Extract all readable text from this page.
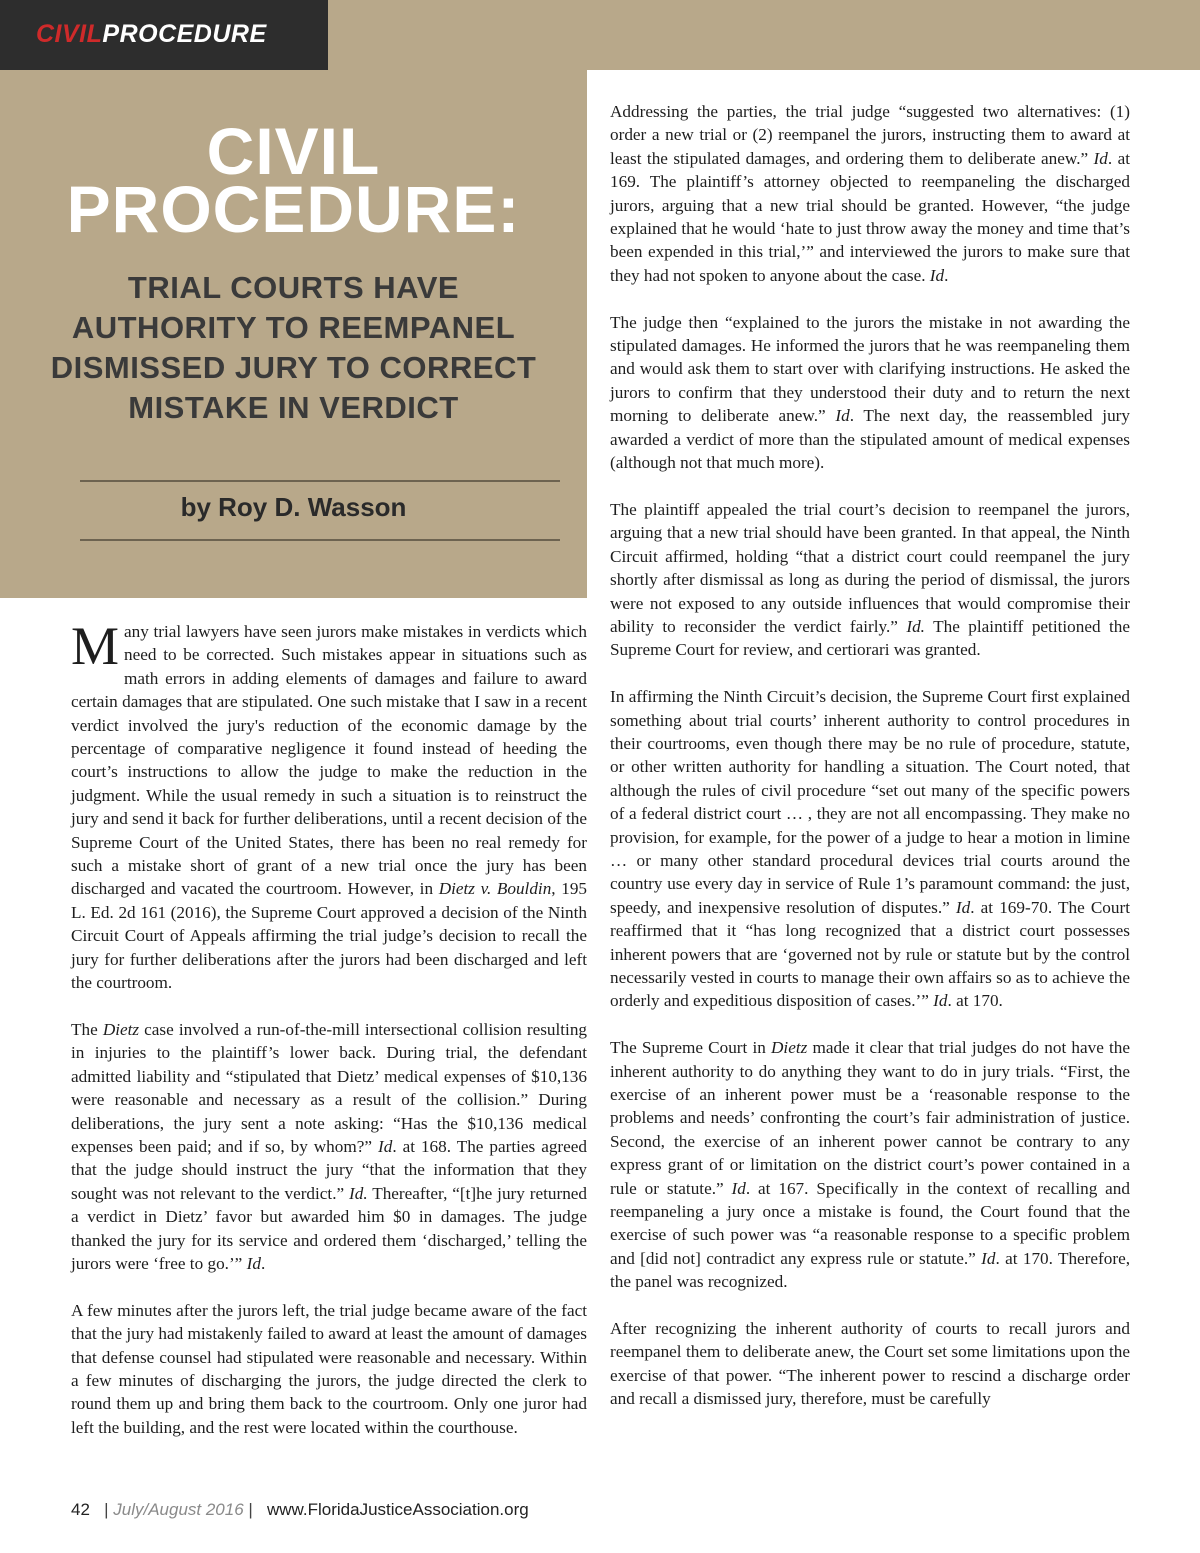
CIVILPROCEDURE
CIVIL
PROCEDURE:
TRIAL COURTS HAVE
AUTHORITY TO REEMPANEL
DISMISSED JURY TO CORRECT
MISTAKE IN VERDICT
by Roy D. Wasson

Many trial lawyers have seen jurors make mistakes in verdicts which need to be corrected. Such mistakes appear in situations such as math errors in adding elements of damages and failure to award certain damages that are stipulated. One such mistake that I saw in a recent verdict involved the jury's reduction of the economic damage by the percentage of comparative negligence it found instead of heeding the court’s instructions to allow the judge to make the reduction in the judgment. While the usual remedy in such a situation is to reinstruct the jury and send it back for further deliberations, until a recent decision of the Supreme Court of the United States, there has been no real remedy for such a mistake short of grant of a new trial once the jury has been discharged and vacated the courtroom. However, in Dietz v. Bouldin, 195 L. Ed. 2d 161 (2016), the Supreme Court approved a decision of the Ninth Circuit Court of Appeals affirming the trial judge’s decision to recall the jury for further deliberations after the jurors had been discharged and left the courtroom.

The Dietz case involved a run-of-the-mill intersectional collision resulting in injuries to the plaintiff’s lower back. During trial, the defendant admitted liability and “stipulated that Dietz’ medical expenses of $10,136 were reasonable and necessary as a result of the collision.” During deliberations, the jury sent a note asking: “Has the $10,136 medical expenses been paid; and if so, by whom?” Id. at 168. The parties agreed that the judge should instruct the jury “that the information that they sought was not relevant to the verdict.” Id. Thereafter, “[t]he jury returned a verdict in Dietz’ favor but awarded him $0 in damages. The judge thanked the jury for its service and ordered them ‘discharged,’ telling the jurors were ‘free to go.’” Id.

A few minutes after the jurors left, the trial judge became aware of the fact that the jury had mistakenly failed to award at least the amount of damages that defense counsel had stipulated were reasonable and necessary. Within a few minutes of discharging the jurors, the judge directed the clerk to round them up and bring them back to the courtroom. Only one juror had left the building, and the rest were located within the courthouse.

Addressing the parties, the trial judge “suggested two alternatives: (1) order a new trial or (2) reempanel the jurors, instructing them to award at least the stipulated damages, and ordering them to deliberate anew.” Id. at 169. The plaintiff’s attorney objected to reempaneling the discharged jurors, arguing that a new trial should be granted. However, “the judge explained that he would ‘hate to just throw away the money and time that’s been expended in this trial,’” and interviewed the jurors to make sure that they had not spoken to anyone about the case. Id.

The judge then “explained to the jurors the mistake in not awarding the stipulated damages. He informed the jurors that he was reempaneling them and would ask them to start over with clarifying instructions. He asked the jurors to confirm that they understood their duty and to return the next morning to deliberate anew.” Id. The next day, the reassembled jury awarded a verdict of more than the stipulated amount of medical expenses (although not that much more).

The plaintiff appealed the trial court’s decision to reempanel the jurors, arguing that a new trial should have been granted. In that appeal, the Ninth Circuit affirmed, holding “that a district court could reempanel the jury shortly after dismissal as long as during the period of dismissal, the jurors were not exposed to any outside influences that would compromise their ability to reconsider the verdict fairly.” Id. The plaintiff petitioned the Supreme Court for review, and certiorari was granted.

In affirming the Ninth Circuit’s decision, the Supreme Court first explained something about trial courts’ inherent authority to control procedures in their courtrooms, even though there may be no rule of procedure, statute, or other written authority for handling a situation. The Court noted, that although the rules of civil procedure “set out many of the specific powers of a federal district court … , they are not all encompassing. They make no provision, for example, for the power of a judge to hear a motion in limine … or many other standard procedural devices trial courts around the country use every day in service of Rule 1’s paramount command: the just, speedy, and inexpensive resolution of disputes.” Id. at 169-70. The Court reaffirmed that it “has long recognized that a district court possesses inherent powers that are ‘governed not by rule or statute but by the control necessarily vested in courts to manage their own affairs so as to achieve the orderly and expeditious disposition of cases.’” Id. at 170.

The Supreme Court in Dietz made it clear that trial judges do not have the inherent authority to do anything they want to do in jury trials. “First, the exercise of an inherent power must be a ‘reasonable response to the problems and needs’ confronting the court’s fair administration of justice. Second, the exercise of an inherent power cannot be contrary to any express grant of or limitation on the district court’s power contained in a rule or statute.” Id. at 167. Specifically in the context of recalling and reempaneling a jury once a mistake is found, the Court found that the exercise of such power was “a reasonable response to a specific problem and [did not] contradict any express rule or statute.” Id. at 170. Therefore, the panel was recognized.

After recognizing the inherent authority of courts to recall jurors and reempanel them to deliberate anew, the Court set some limitations upon the exercise of that power. “The inherent power to rescind a discharge order and recall a dismissed jury, therefore, must be carefully

42 | July/August 2016 | www.FloridaJusticeAssociation.org
